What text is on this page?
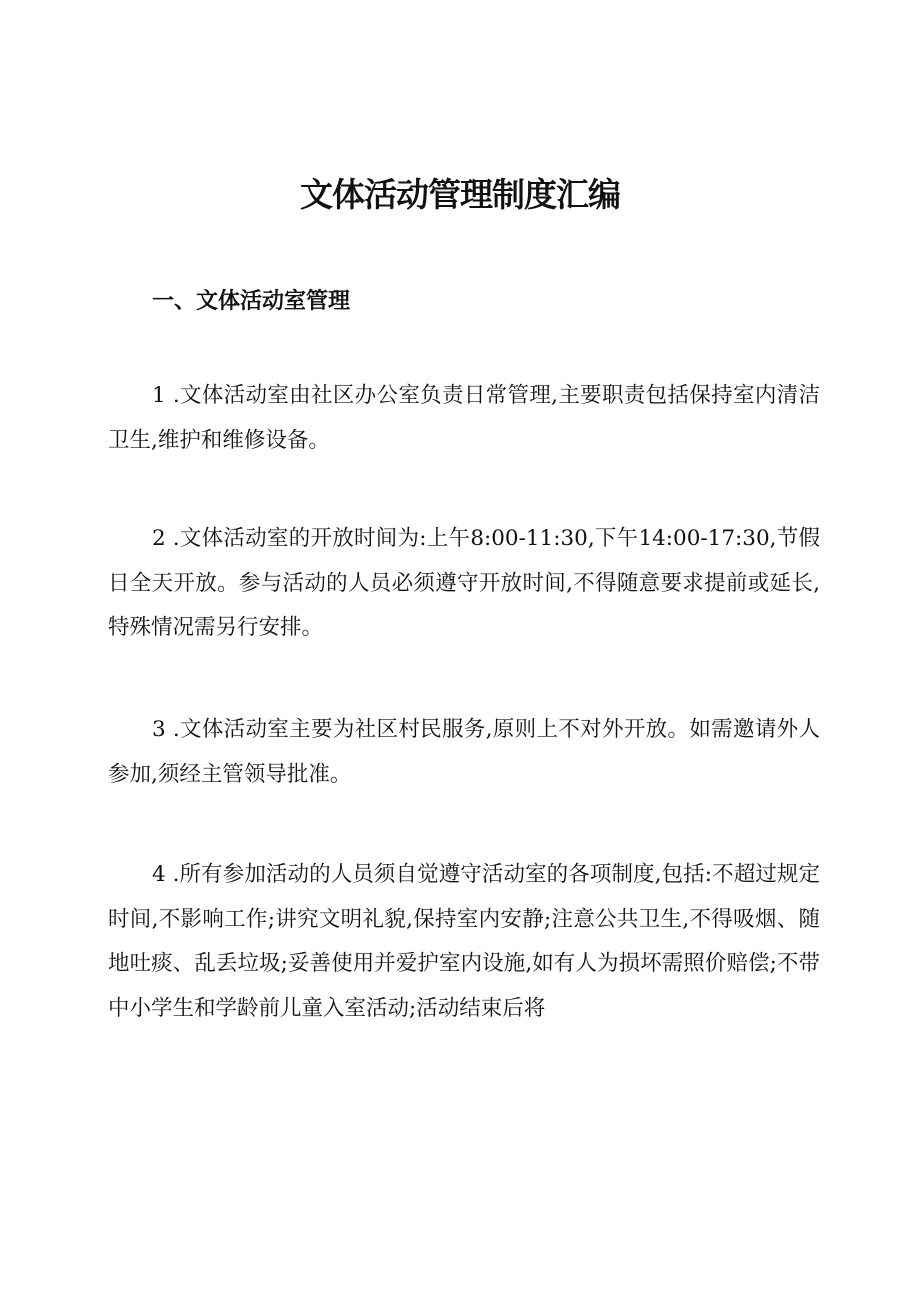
文体活动管理制度汇编
一、文体活动室管理

1 .文体活动室由社区办公室负责日常管理,主要职责包括保持室内清洁卫生,维护和维修设备。

2 .文体活动室的开放时间为:上午8:00-11:30,下午14:00-17:30,节假日全天开放。参与活动的人员必须遵守开放时间,不得随意要求提前或延长,特殊情况需另行安排。

3 .文体活动室主要为社区村民服务,原则上不对外开放。如需邀请外人参加,须经主管领导批准。

4 .所有参加活动的人员须自觉遵守活动室的各项制度,包括:不超过规定时间,不影响工作;讲究文明礼貌,保持室内安静;注意公共卫生,不得吸烟、随地吐痰、乱丢垃圾;妥善使用并爱护室内设施,如有人为损坏需照价赔偿;不带中小学生和学龄前儿童入室活动;活动结束后将
